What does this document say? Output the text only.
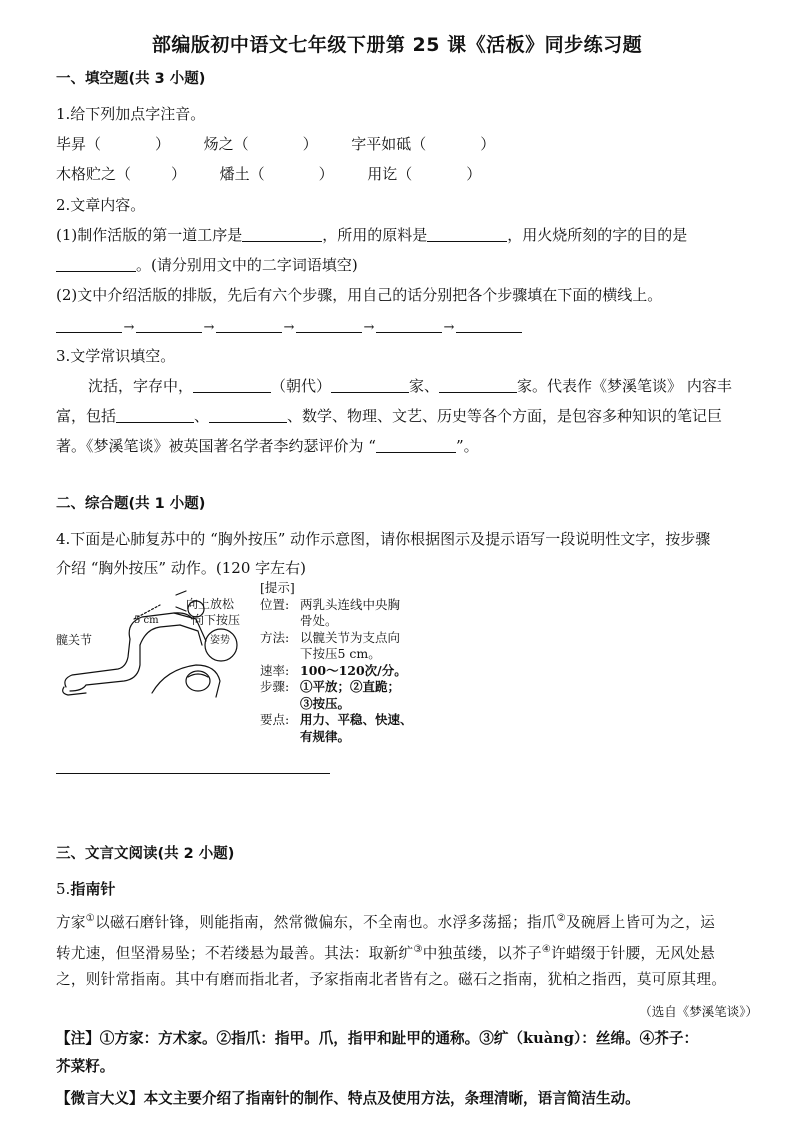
部编版初中语文七年级下册第 25 课《活板》同步练习题
一、填空题(共 3 小题)
1.给下列加点字注音。
毕昇（	） 炀之（	） 字平如砥（	）
木格贮之（	） 燔土（	） 用讫（	）
2.文章内容。
(1)制作活版的第一道工序是	，所用的原料是	，用火烧所刻的字的目的是
。(请分别用文中的二字词语填空)
(2)文中介绍活版的排版，先后有六个步骤，用自己的话分别把各个步骤填在下面的横线上。
→	→	→	→	→
3.文学常识填空。
沈括，字存中，	（朝代）	家、	家。代表作《梦溪笔谈》 内容丰
富，包括	、	、数学、物理、文艺、历史等各个方面，是包容多种知识的笔记巨
著。《梦溪笔谈》被英国著名学者李约瑟评价为 “	”。
二、综合题(共 1 小题)
4.下面是心肺复苏中的 “胸外按压” 动作示意图，请你根据图示及提示语写一段说明性文字，按步骤
介绍 “胸外按压” 动作。(120 字左右)
向上放松
向下按压
5 cm
髋关节	姿势
[提示]
位置: 两乳头连线中央胸
骨处。
方法: 以髋关节为支点向
下按压5 cm。
速率: 100～120次/分。
步骤: ①平放；②直跪；
③按压。
要点: 用力、平稳、快速、
有规律。
三、文言文阅读(共 2 小题)
5.指南针
方家①以磁石磨针锋，则能指南，然常微偏东，不全南也。水浮多荡摇；指爪②及碗唇上皆可为之，运
转尤速，但坚滑易坠；不若缕悬为最善。其法：取新纩③中独茧缕，以芥子④许蜡缀于针腰，无风处悬
之，则针常指南。其中有磨而指北者，予家指南北者皆有之。磁石之指南，犹柏之指西，莫可原其理。
（选自《梦溪笔谈》）
【注】①方家：方术家。②指爪：指甲。爪，指甲和趾甲的通称。③纩（kuàng）：丝绵。④芥子：
芥菜籽。
【微言大义】本文主要介绍了指南针的制作、特点及使用方法，条理清晰，语言简洁生动。
